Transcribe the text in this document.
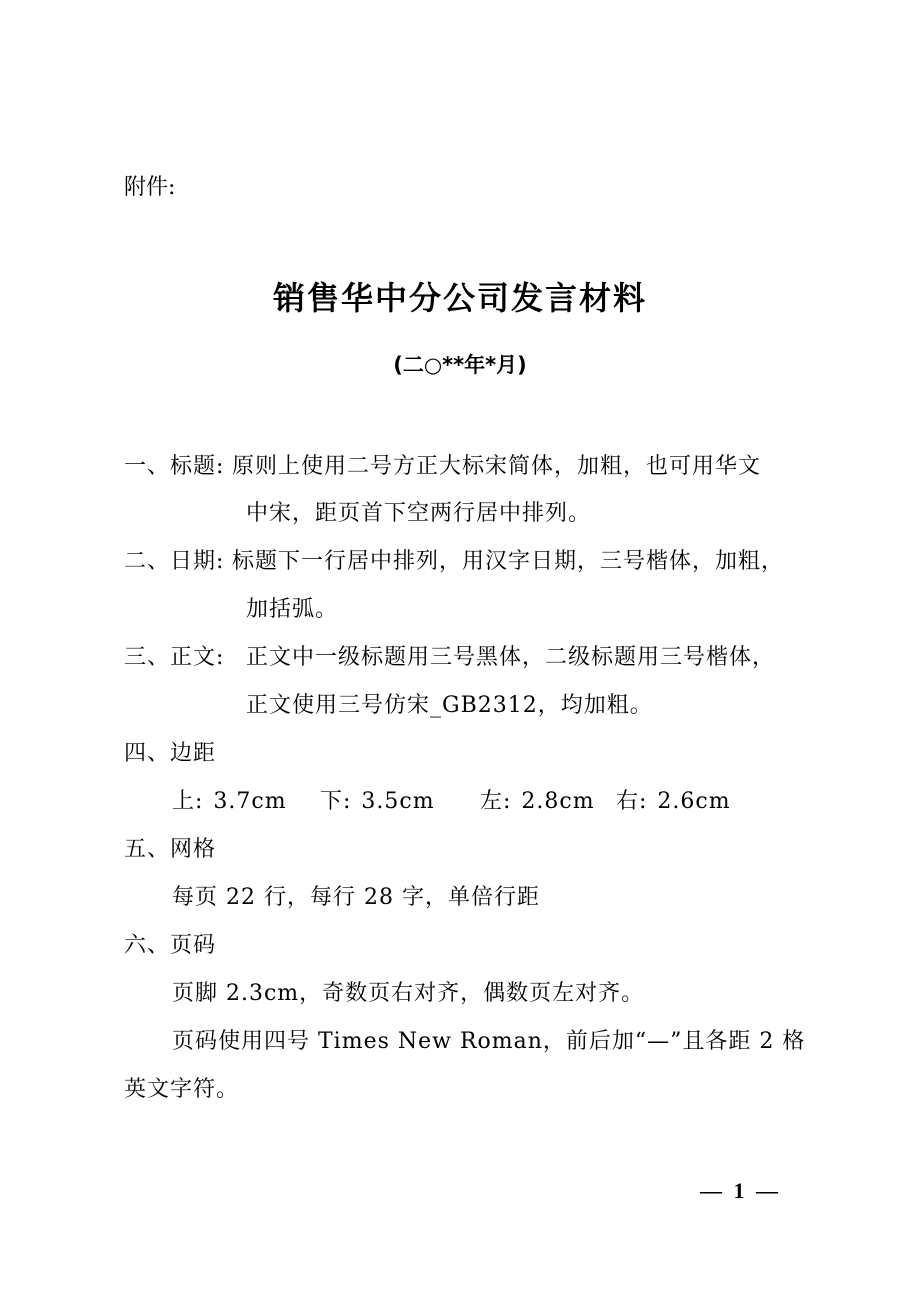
附件:
销售华中分公司发言材料
(二○**年*月)
一、标题: 原则上使用二号方正大标宋简体，加粗，也可用华文
中宋，距页首下空两行居中排列。
二、日期: 标题下一行居中排列，用汉字日期，三号楷体，加粗，
加括弧。
三、正文: 正文中一级标题用三号黑体，二级标题用三号楷体，
正文使用三号仿宋_GB2312，均加粗。
四、边距
上: 3.7cm 下: 3.5cm 左: 2.8cm 右: 2.6cm
五、网格
每页 22 行，每行 28 字，单倍行距
六、页码
页脚 2.3cm，奇数页右对齐，偶数页左对齐。
页码使用四号 Times New Roman，前后加“—”且各距 2 格
英文字符。
— 1 —
